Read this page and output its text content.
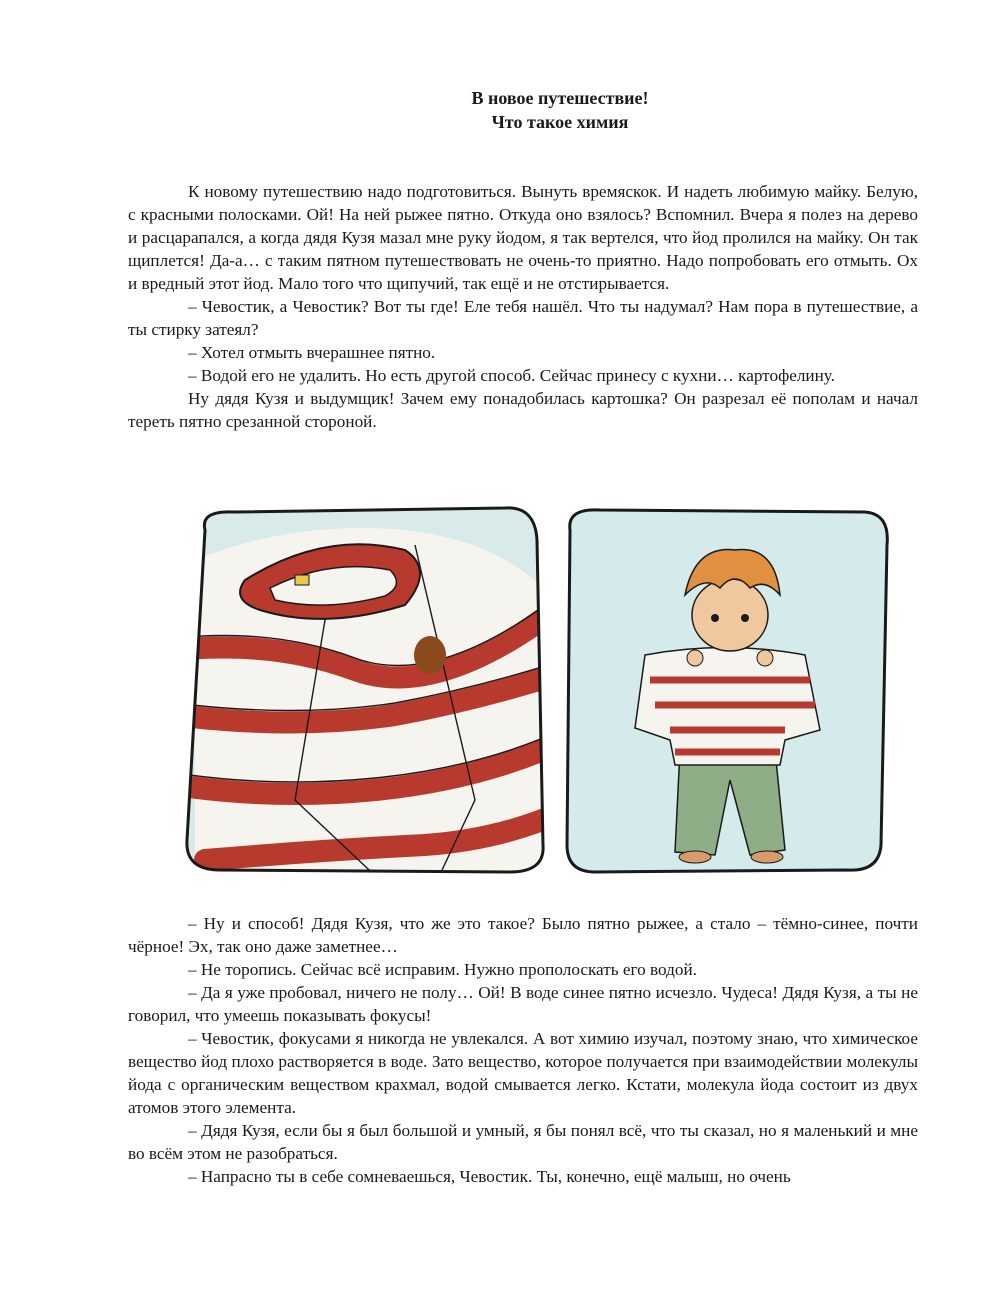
В новое путешествие!
Что такое химия

К новому путешествию надо подготовиться. Вынуть времяскок. И надеть любимую майку. Белую, с красными полосками. Ой! На ней рыжее пятно. Откуда оно взялось? Вспомнил. Вчера я полез на дерево и расцарапался, а когда дядя Кузя мазал мне руку йодом, я так вертелся, что йод пролился на майку. Он так щиплется! Да-а… с таким пятном путешествовать не очень-то приятно. Надо попробовать его отмыть. Ох и вредный этот йод. Мало того что щипучий, так ещё и не отстирывается.

– Чевостик, а Чевостик? Вот ты где! Еле тебя нашёл. Что ты надумал? Нам пора в путешествие, а ты стирку затеял?

– Хотел отмыть вчерашнее пятно.

– Водой его не удалить. Но есть другой способ. Сейчас принесу с кухни… картофелину.

Ну дядя Кузя и выдумщик! Зачем ему понадобилась картошка? Он разрезал её пополам и начал тереть пятно срезанной стороной.

– Ну и способ! Дядя Кузя, что же это такое? Было пятно рыжее, а стало – тёмно-синее, почти чёрное! Эх, так оно даже заметнее…

– Не торопись. Сейчас всё исправим. Нужно прополоскать его водой.

– Да я уже пробовал, ничего не полу… Ой! В воде синее пятно исчезло. Чудеса! Дядя Кузя, а ты не говорил, что умеешь показывать фокусы!

– Чевостик, фокусами я никогда не увлекался. А вот химию изучал, поэтому знаю, что химическое вещество йод плохо растворяется в воде. Зато вещество, которое получается при взаимодействии молекулы йода с органическим веществом крахмал, водой смывается легко. Кстати, молекула йода состоит из двух атомов этого элемента.

– Дядя Кузя, если бы я был большой и умный, я бы понял всё, что ты сказал, но я маленький и мне во всём этом не разобраться.

– Напрасно ты в себе сомневаешься, Чевостик. Ты, конечно, ещё малыш, но очень
